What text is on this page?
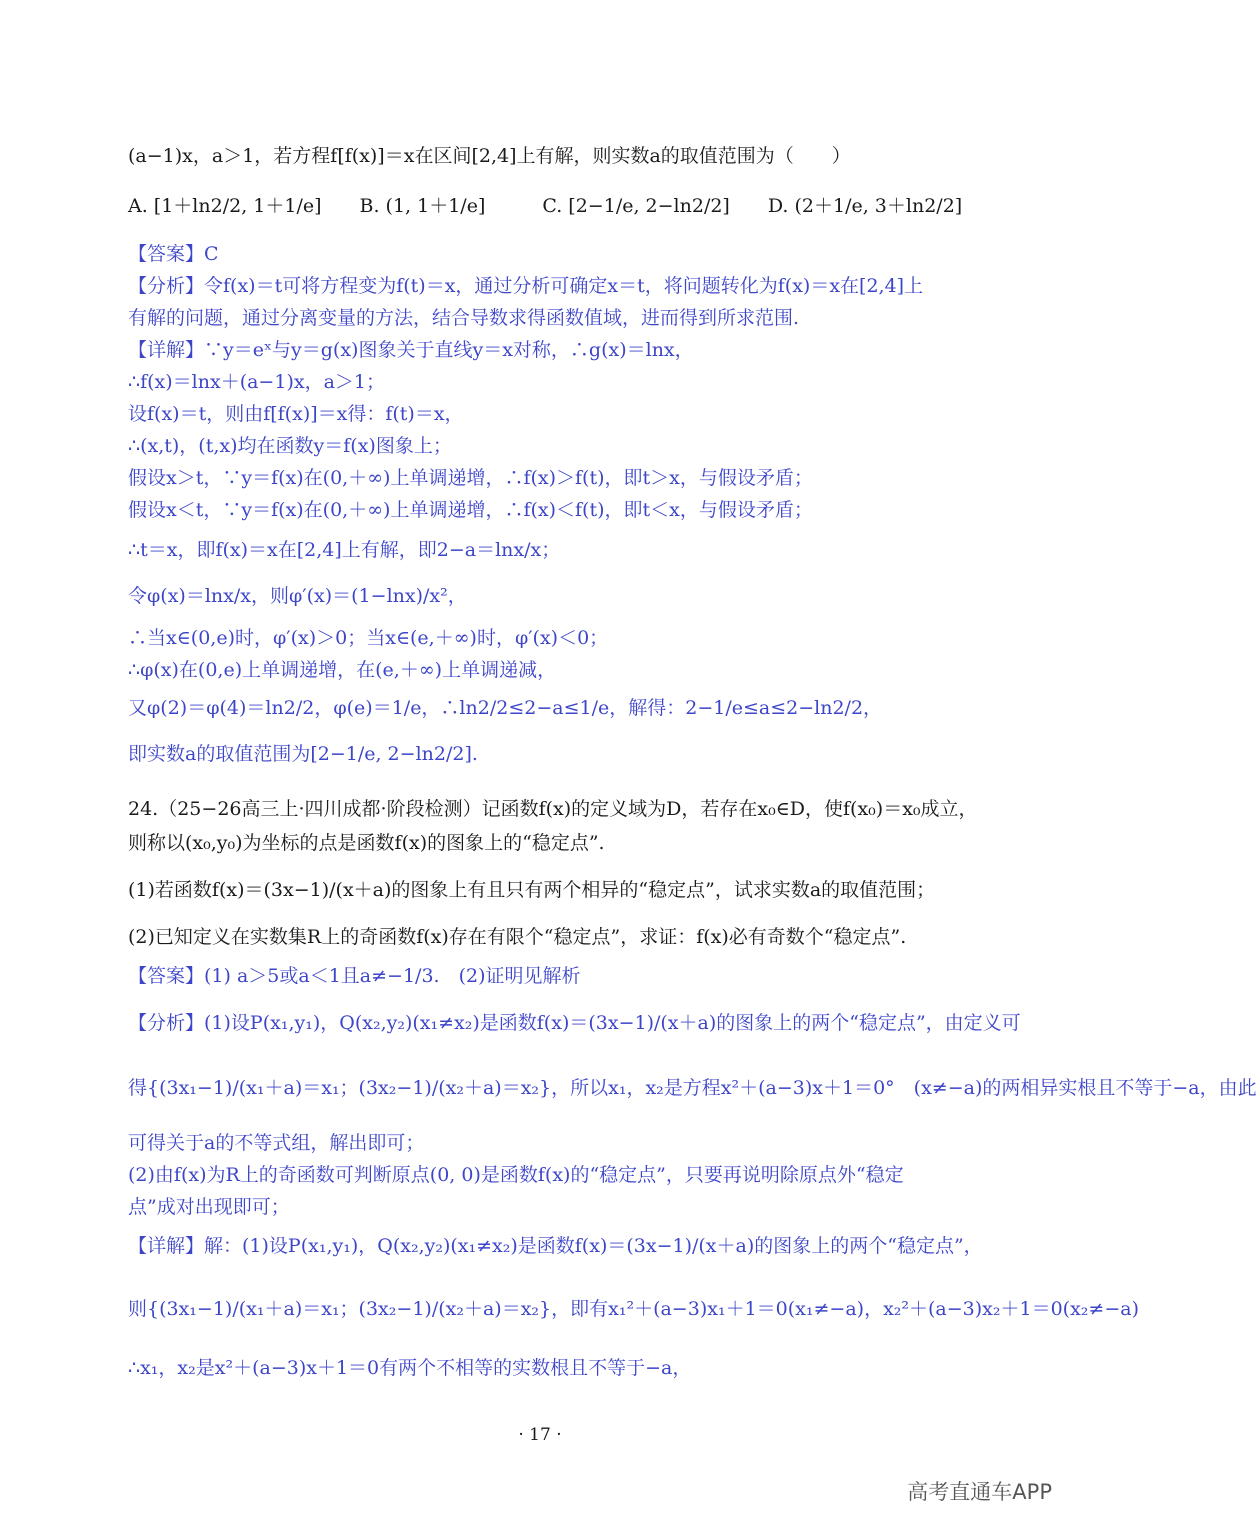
(a−1)x，a＞1，若方程f[f(x)]＝x在区间[2,4]上有解，则实数a的取值范围为（　　）
A. [1＋ln2/2, 1＋1/e]　　B. (1, 1＋1/e]　　　C. [2−1/e, 2−ln2/2]　　D. (2＋1/e, 3＋ln2/2]
【答案】C
【分析】令f(x)＝t可将方程变为f(t)＝x，通过分析可确定x＝t，将问题转化为f(x)＝x在[2,4]上
有解的问题，通过分离变量的方法，结合导数求得函数值域，进而得到所求范围.
【详解】∵y＝eˣ与y＝g(x)图象关于直线y＝x对称，∴g(x)＝lnx，
∴f(x)＝lnx＋(a−1)x，a＞1；
设f(x)＝t，则由f[f(x)]＝x得：f(t)＝x，
∴(x,t)，(t,x)均在函数y＝f(x)图象上；
假设x＞t，∵y＝f(x)在(0,＋∞)上单调递增，∴f(x)＞f(t)，即t＞x，与假设矛盾；
假设x＜t，∵y＝f(x)在(0,＋∞)上单调递增，∴f(x)＜f(t)，即t＜x，与假设矛盾；
∴t＝x，即f(x)＝x在[2,4]上有解，即2−a＝lnx/x；
令φ(x)＝lnx/x，则φ′(x)＝(1−lnx)/x²，
∴当x∈(0,e)时，φ′(x)＞0；当x∈(e,＋∞)时，φ′(x)＜0；
∴φ(x)在(0,e)上单调递增，在(e,＋∞)上单调递减，
又φ(2)＝φ(4)＝ln2/2，φ(e)＝1/e，∴ln2/2≤2−a≤1/e，解得：2−1/e≤a≤2−ln2/2，
即实数a的取值范围为[2−1/e, 2−ln2/2].
24.（25−26高三上·四川成都·阶段检测）记函数f(x)的定义域为D，若存在x₀∈D，使f(x₀)＝x₀成立，
则称以(x₀,y₀)为坐标的点是函数f(x)的图象上的“稳定点”.
(1)若函数f(x)＝(3x−1)/(x＋a)的图象上有且只有两个相异的“稳定点”，试求实数a的取值范围；
(2)已知定义在实数集R上的奇函数f(x)存在有限个“稳定点”，求证：f(x)必有奇数个“稳定点”.
【答案】(1) a＞5或a＜1且a≠−1/3.　(2)证明见解析
【分析】(1)设P(x₁,y₁)，Q(x₂,y₂)(x₁≠x₂)是函数f(x)＝(3x−1)/(x＋a)的图象上的两个“稳定点”，由定义可
得{(3x₁−1)/(x₁＋a)＝x₁；(3x₂−1)/(x₂＋a)＝x₂}，所以x₁，x₂是方程x²＋(a−3)x＋1＝0°　(x≠−a)的两相异实根且不等于−a，由此
可得关于a的不等式组，解出即可；
(2)由f(x)为R上的奇函数可判断原点(0, 0)是函数f(x)的“稳定点”，只要再说明除原点外“稳定
点”成对出现即可；
【详解】解：(1)设P(x₁,y₁)，Q(x₂,y₂)(x₁≠x₂)是函数f(x)＝(3x−1)/(x＋a)的图象上的两个“稳定点”，
则{(3x₁−1)/(x₁＋a)＝x₁；(3x₂−1)/(x₂＋a)＝x₂}，即有x₁²＋(a−3)x₁＋1＝0(x₁≠−a)，x₂²＋(a−3)x₂＋1＝0(x₂≠−a)
∴x₁，x₂是x²＋(a−3)x＋1＝0有两个不相等的实数根且不等于−a，
· 17 ·
高考直通车APP
